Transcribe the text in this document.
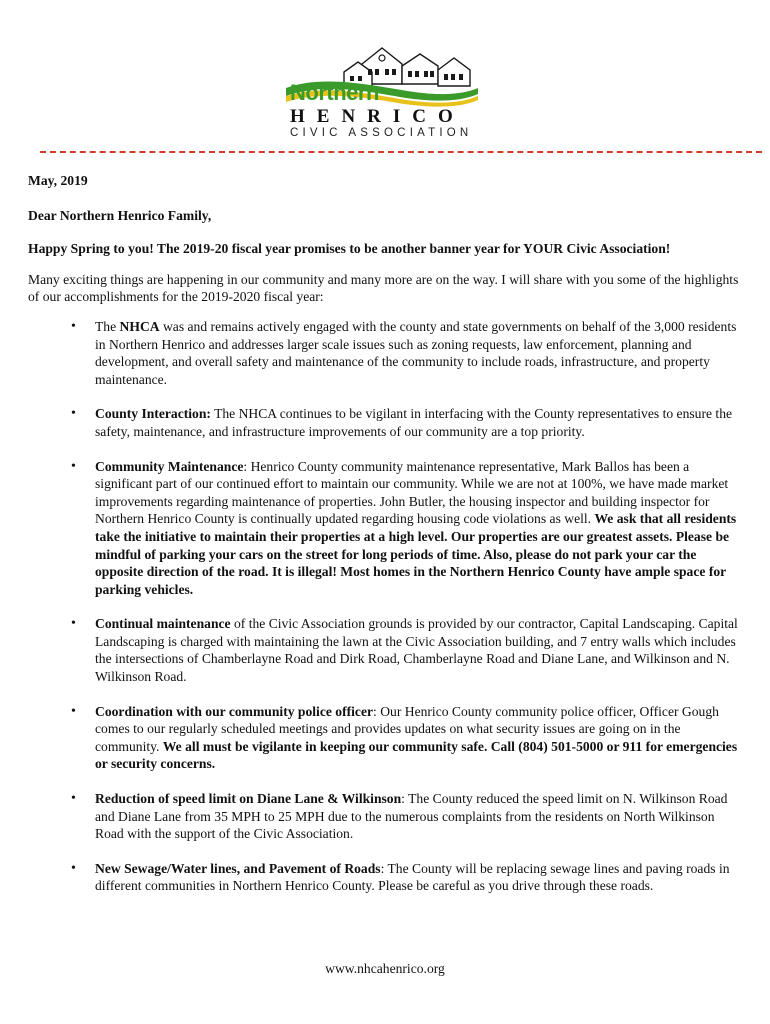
Northern
HENRICO
CIVIC ASSOCIATION

May, 2019

Dear Northern Henrico Family,

Happy Spring to you! The 2019-20 fiscal year promises to be another banner year for YOUR Civic Association!

Many exciting things are happening in our community and many more are on the way. I will share with you some of the highlights of our accomplishments for the 2019-2020 fiscal year:

• The NHCA was and remains actively engaged with the county and state governments on behalf of the 3,000 residents in Northern Henrico and addresses larger scale issues such as zoning requests, law enforcement, planning and development, and overall safety and maintenance of the community to include roads, infrastructure, and property maintenance.
• County Interaction: The NHCA continues to be vigilant in interfacing with the County representatives to ensure the safety, maintenance, and infrastructure improvements of our community are a top priority.
• Community Maintenance: Henrico County community maintenance representative, Mark Ballos has been a significant part of our continued effort to maintain our community. While we are not at 100%, we have made market improvements regarding maintenance of properties. John Butler, the housing inspector and building inspector for Northern Henrico County is continually updated regarding housing code violations as well. We ask that all residents take the initiative to maintain their properties at a high level. Our properties are our greatest assets. Please be mindful of parking your cars on the street for long periods of time. Also, please do not park your car the opposite direction of the road. It is illegal! Most homes in the Northern Henrico County have ample space for parking vehicles.
• Continual maintenance of the Civic Association grounds is provided by our contractor, Capital Landscaping. Capital Landscaping is charged with maintaining the lawn at the Civic Association building, and 7 entry walls which includes the intersections of Chamberlayne Road and Dirk Road, Chamberlayne Road and Diane Lane, and Wilkinson and N. Wilkinson Road.
• Coordination with our community police officer: Our Henrico County community police officer, Officer Gough comes to our regularly scheduled meetings and provides updates on what security issues are going on in the community. We all must be vigilante in keeping our community safe. Call (804) 501-5000 or 911 for emergencies or security concerns.
• Reduction of speed limit on Diane Lane & Wilkinson: The County reduced the speed limit on N. Wilkinson Road and Diane Lane from 35 MPH to 25 MPH due to the numerous complaints from the residents on North Wilkinson Road with the support of the Civic Association.
• New Sewage/Water lines, and Pavement of Roads: The County will be replacing sewage lines and paving roads in different communities in Northern Henrico County. Please be careful as you drive through these roads.
www.nhcahenrico.org
